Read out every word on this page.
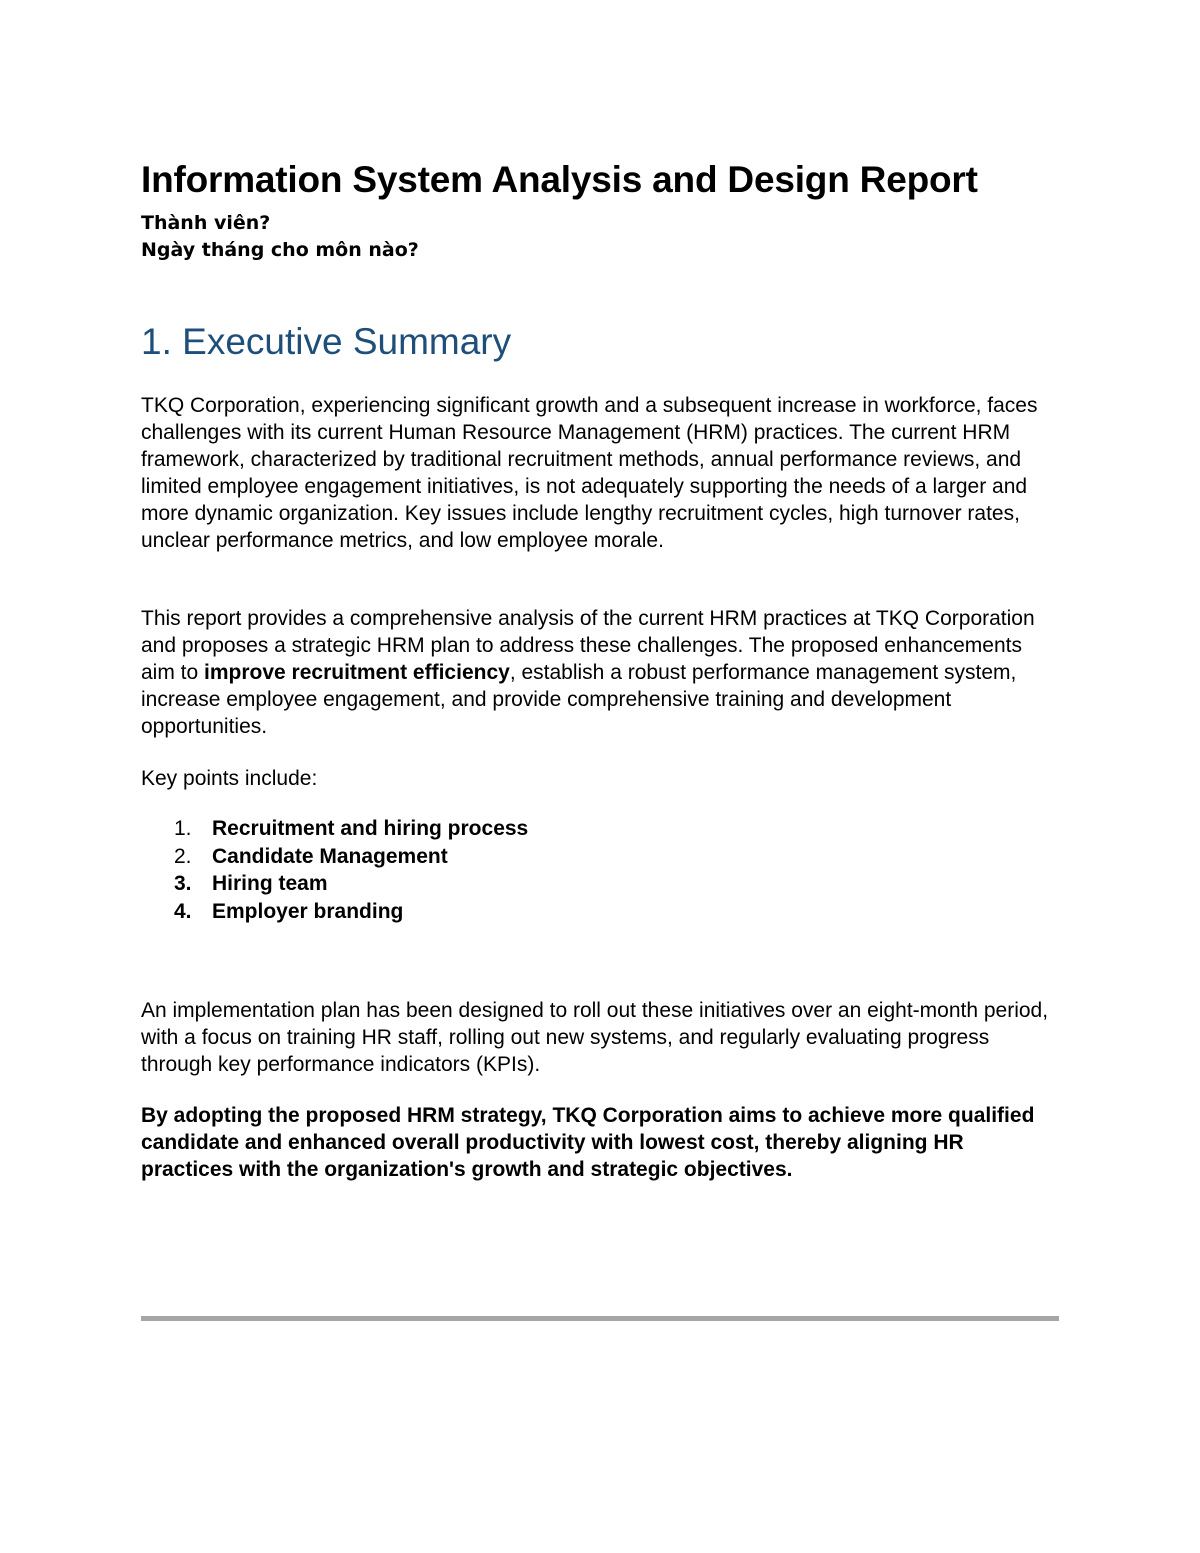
Information System Analysis and Design Report
Thành viên?
Ngày tháng cho môn nào?
1. Executive Summary

TKQ Corporation, experiencing significant growth and a subsequent increase in workforce, faces challenges with its current Human Resource Management (HRM) practices. The current HRM framework, characterized by traditional recruitment methods, annual performance reviews, and limited employee engagement initiatives, is not adequately supporting the needs of a larger and more dynamic organization. Key issues include lengthy recruitment cycles, high turnover rates, unclear performance metrics, and low employee morale.

This report provides a comprehensive analysis of the current HRM practices at TKQ Corporation and proposes a strategic HRM plan to address these challenges. The proposed enhancements aim to improve recruitment efficiency, establish a robust performance management system, increase employee engagement, and provide comprehensive training and development opportunities.

Key points include:

1. Recruitment and hiring process
2. Candidate Management
3. Hiring team
4. Employer branding

An implementation plan has been designed to roll out these initiatives over an eight-month period, with a focus on training HR staff, rolling out new systems, and regularly evaluating progress through key performance indicators (KPIs).

By adopting the proposed HRM strategy, TKQ Corporation aims to achieve more qualified candidate and enhanced overall productivity with lowest cost, thereby aligning HR practices with the organization's growth and strategic objectives.
